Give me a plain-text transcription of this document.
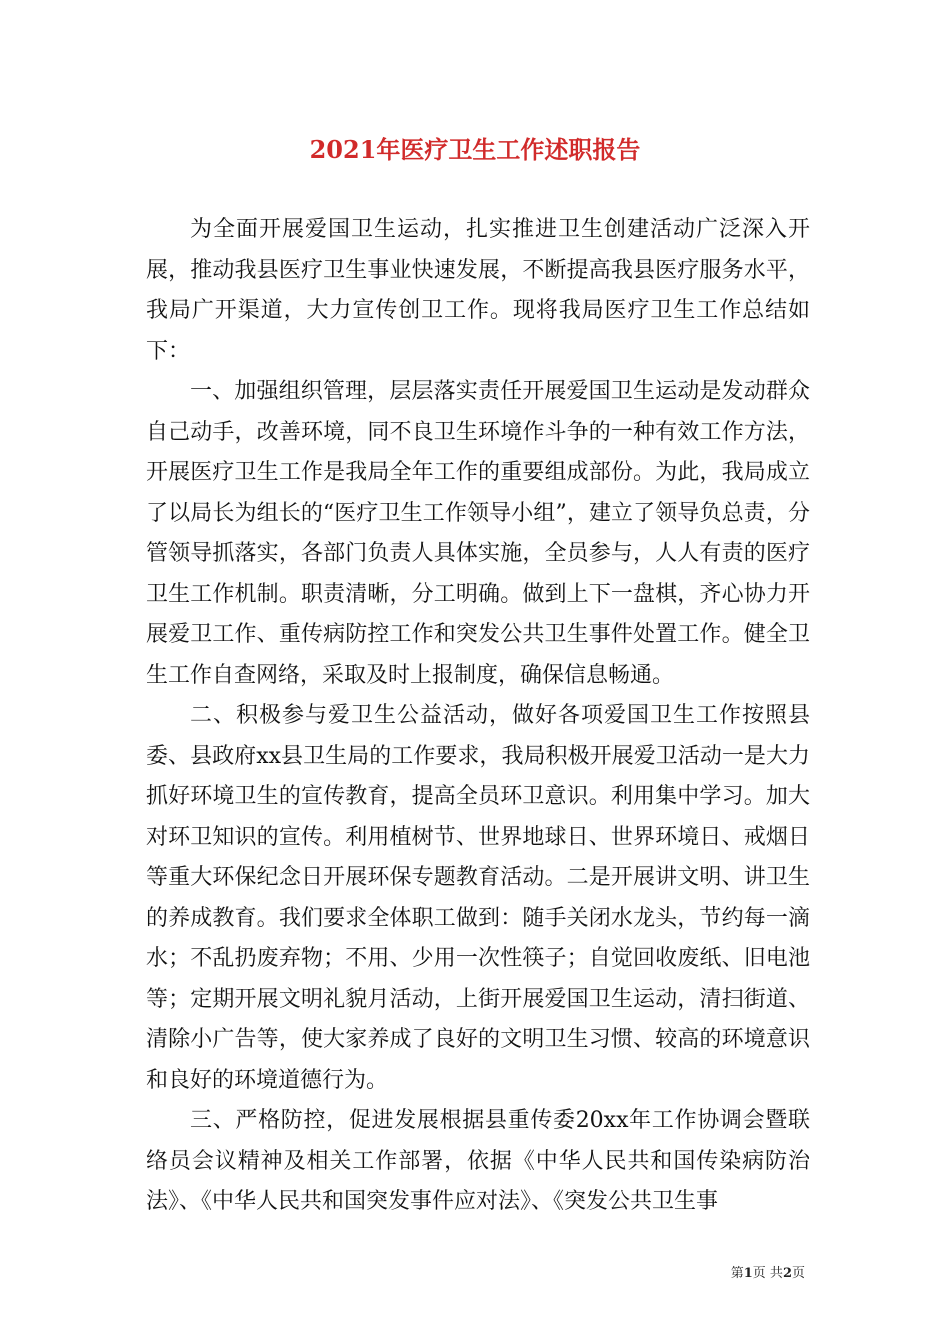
2021年医疗卫生工作述职报告

为全面开展爱国卫生运动，扎实推进卫生创建活动广泛深入开展，推动我县医疗卫生事业快速发展，不断提高我县医疗服务水平，我局广开渠道，大力宣传创卫工作。现将我局医疗卫生工作总结如下：

一、加强组织管理，层层落实责任开展爱国卫生运动是发动群众自己动手，改善环境，同不良卫生环境作斗争的一种有效工作方法，开展医疗卫生工作是我局全年工作的重要组成部份。为此，我局成立了以局长为组长的“医疗卫生工作领导小组”，建立了领导负总责，分管领导抓落实，各部门负责人具体实施，全员参与，人人有责的医疗卫生工作机制。职责清晰，分工明确。做到上下一盘棋，齐心协力开展爱卫工作、重传病防控工作和突发公共卫生事件处置工作。健全卫生工作自查网络，采取及时上报制度，确保信息畅通。

二、积极参与爱卫生公益活动，做好各项爱国卫生工作按照县委、县政府xx县卫生局的工作要求，我局积极开展爱卫活动一是大力抓好环境卫生的宣传教育，提高全员环卫意识。利用集中学习。加大对环卫知识的宣传。利用植树节、世界地球日、世界环境日、戒烟日等重大环保纪念日开展环保专题教育活动。二是开展讲文明、讲卫生的养成教育。我们要求全体职工做到：随手关闭水龙头，节约每一滴水；不乱扔废弃物；不用、少用一次性筷子；自觉回收废纸、旧电池等；定期开展文明礼貌月活动，上街开展爱国卫生运动，清扫街道、清除小广告等，使大家养成了良好的文明卫生习惯、较高的环境意识和良好的环境道德行为。

三、严格防控，促进发展根据县重传委20xx年工作协调会暨联络员会议精神及相关工作部署，依据《中华人民共和国传染病防治法》、《中华人民共和国突发事件应对法》、《突发公共卫生事

第1页 共2页
